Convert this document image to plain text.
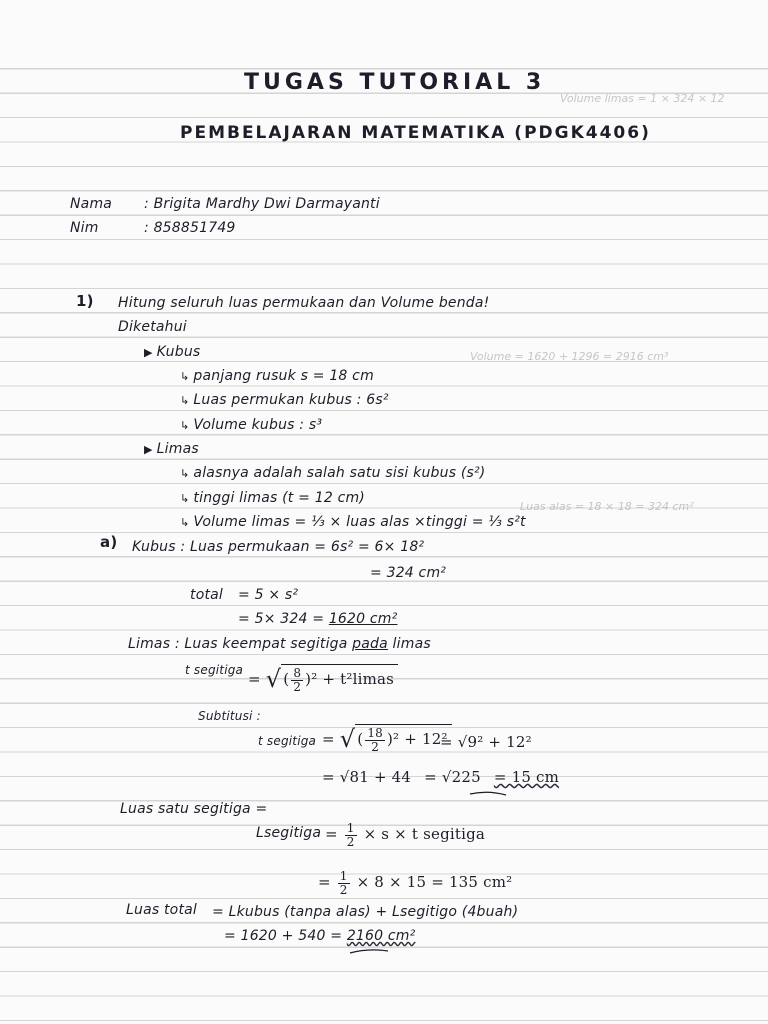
Volume limas = 1 × 324 × 12
Volume = 1620 + 1296 = 2916 cm³
Luas alas = 18 × 18 = 324 cm²
TUGAS TUTORIAL 3
PEMBELAJARAN MATEMATIKA (PDGK4406)
Nama : Brigita Mardhy Dwi Darmayanti
Nim	: 858851749
1) Hitung seluruh luas permukaan dan Volume benda!
Diketahui
▶ Kubus
↳ panjang rusuk s = 18 cm
↳ Luas permukan kubus : 6s²
↳ Volume kubus : s³
▶ Limas
↳ alasnya adalah salah satu sisi kubus (s²)
↳ tinggi limas (t = 12 cm)
↳ Volume limas = ⅓ × luas alas ×tinggi = ⅓ s²t
a) Kubus : Luas permukaan = 6s² = 6× 18²
= 324 cm²
total = 5 × s²
= 5× 324 = 1620 cm²
Limas : Luas keempat segitiga pada limas
t segitiga
= √ ( $\frac{8}{2} )^2$ + t²limas
Subtitusi :
t segitiga = √ ( $\frac{18}{2} )^2 + 12^2$
= √9² + 12²
= √81 + 44 = √225 = 15 cm
Luas satu segitiga =
Lsegitiga = $\frac{1}{2} \times s \times t$ segitiga
= $\frac{1}{2} \times 8 \times 15 = 135$ cm²
Luas total = Lkubus (tanpa alas) + Lsegitigo (4buah)
= 1620 + 540 = 2160 cm²
